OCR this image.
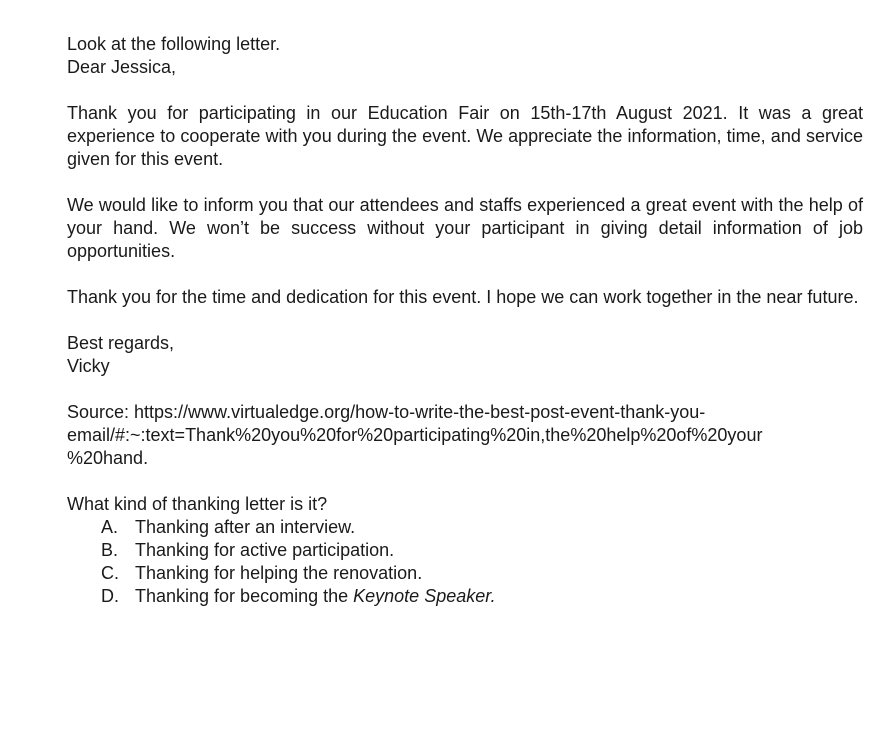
Look at the following letter.

Dear Jessica,

Thank you for participating in our Education Fair on 15th-17th August 2021. It was a great experience to cooperate with you during the event. We appreciate the information, time, and service given for this event.

We would like to inform you that our attendees and staffs experienced a great event with the help of your hand. We won’t be success without your participant in giving detail information of job opportunities.

Thank you for the time and dedication for this event. I hope we can work together in the near future.

Best regards,

Vicky

Source: https://www.virtualedge.org/how-to-write-the-best-post-event-thank-you-

email/#:~:text=Thank%20you%20for%20participating%20in,the%20help%20of%20your

%20hand.

What kind of thanking letter is it?

A. Thanking after an interview.
B. Thanking for active participation.
C. Thanking for helping the renovation.
D. Thanking for becoming the Keynote Speaker.
